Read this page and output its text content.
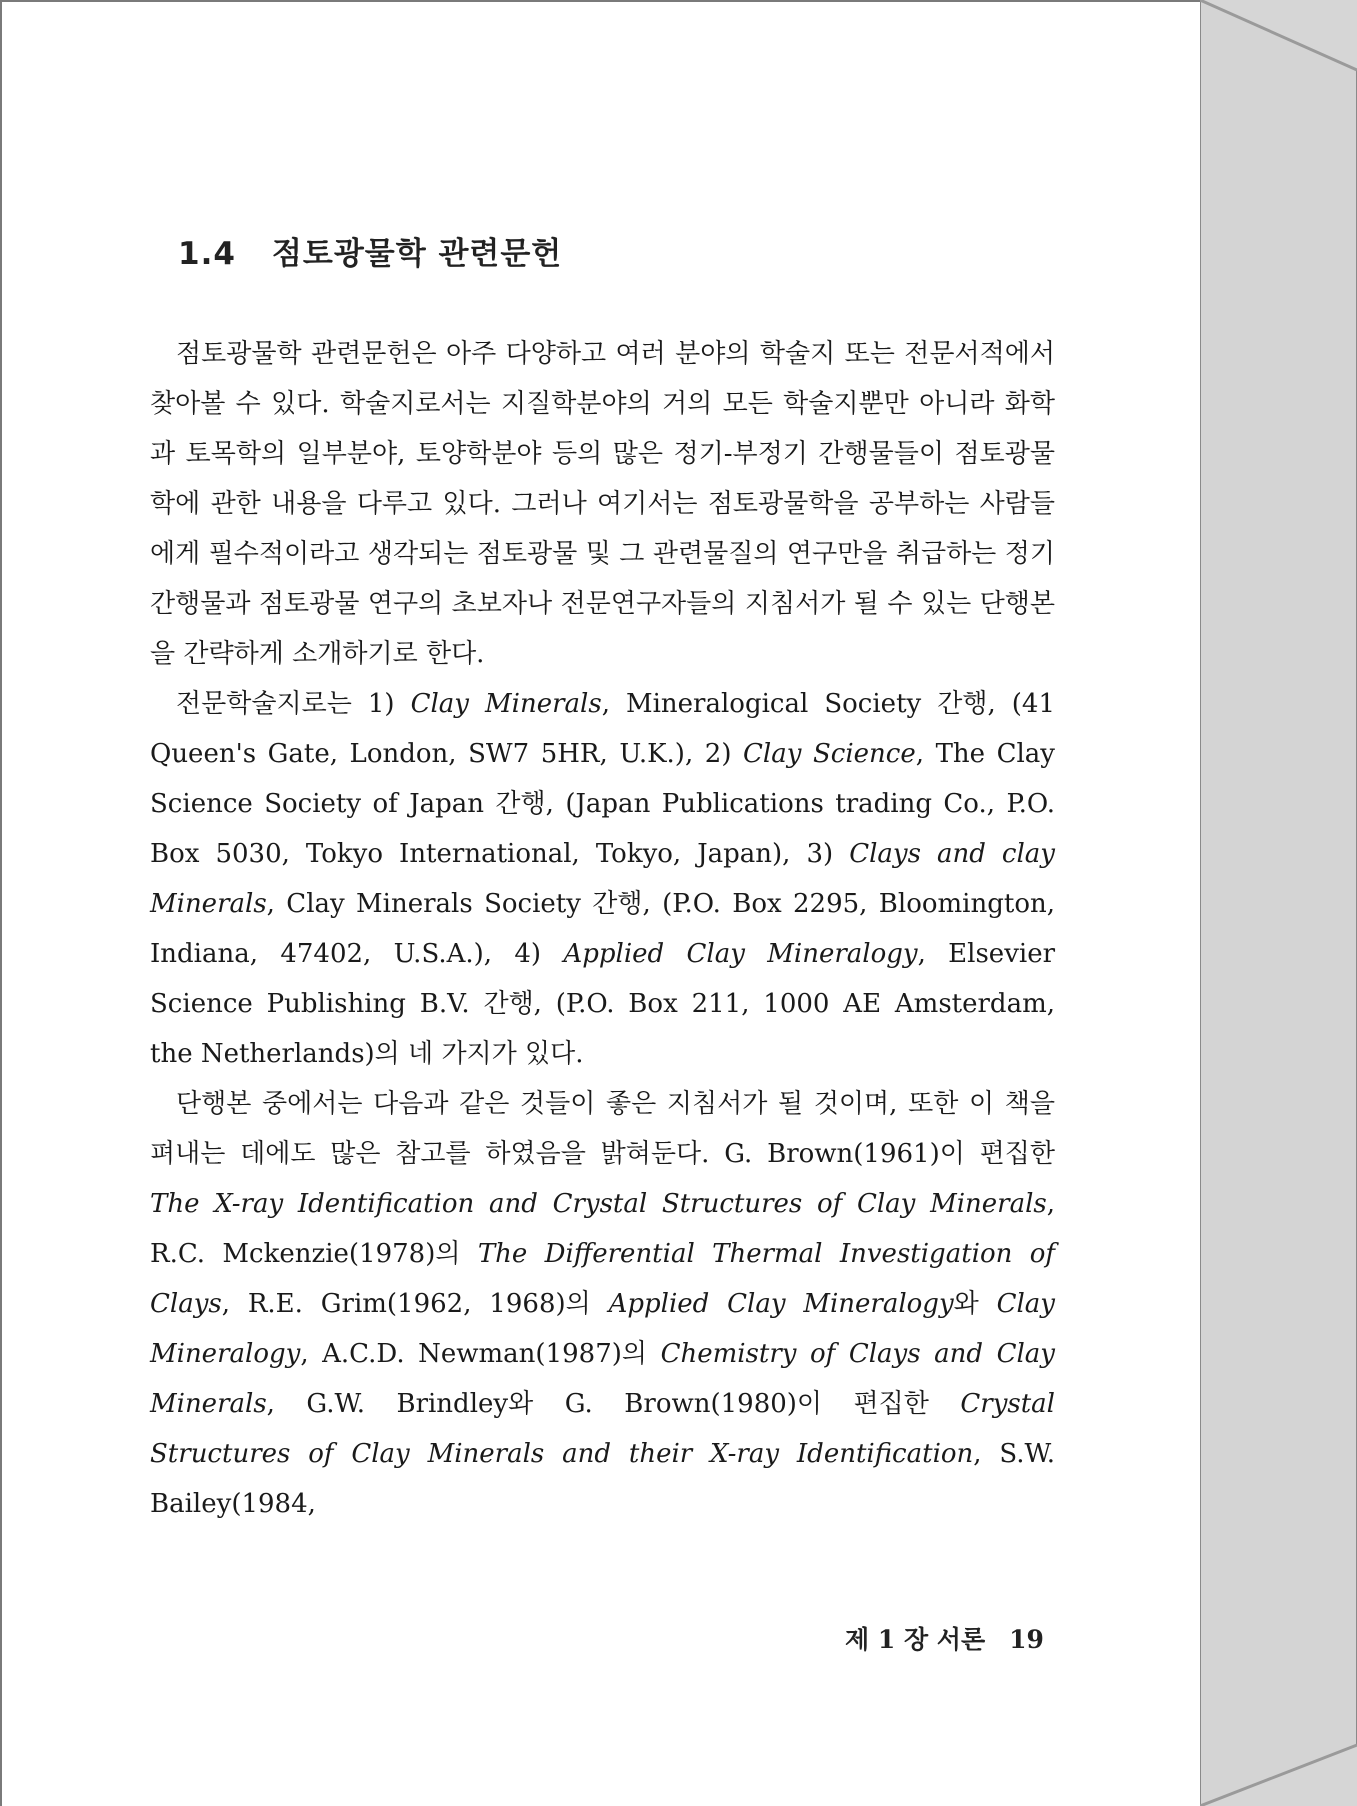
1.4 점토광물학 관련문헌

점토광물학 관련문헌은 아주 다양하고 여러 분야의 학술지 또는 전문서적에서 찾아볼 수 있다. 학술지로서는 지질학분야의 거의 모든 학술지뿐만 아니라 화학과 토목학의 일부분야, 토양학분야 등의 많은 정기-부정기 간행물들이 점토광물학에 관한 내용을 다루고 있다. 그러나 여기서는 점토광물학을 공부하는 사람들에게 필수적이라고 생각되는 점토광물 및 그 관련물질의 연구만을 취급하는 정기간행물과 점토광물 연구의 초보자나 전문연구자들의 지침서가 될 수 있는 단행본을 간략하게 소개하기로 한다.

전문학술지로는 1) Clay Minerals, Mineralogical Society 간행, (41 Queen's Gate, London, SW7 5HR, U.K.), 2) Clay Science, The Clay Science Society of Japan 간행, (Japan Publications trading Co., P.O. Box 5030, Tokyo International, Tokyo, Japan), 3) Clays and clay Minerals, Clay Minerals Society 간행, (P.O. Box 2295, Bloomington, Indiana, 47402, U.S.A.), 4) Applied Clay Mineralogy, Elsevier Science Publishing B.V. 간행, (P.O. Box 211, 1000 AE Amsterdam, the Netherlands)의 네 가지가 있다.

단행본 중에서는 다음과 같은 것들이 좋은 지침서가 될 것이며, 또한 이 책을 펴내는 데에도 많은 참고를 하였음을 밝혀둔다. G. Brown(1961)이 편집한 The X-ray Identification and Crystal Structures of Clay Minerals, R.C. Mckenzie(1978)의 The Differential Thermal Investigation of Clays, R.E. Grim(1962, 1968)의 Applied Clay Mineralogy와 Clay Mineralogy, A.C.D. Newman(1987)의 Chemistry of Clays and Clay Minerals, G.W. Brindley와 G. Brown(1980)이 편집한 Crystal Structures of Clay Minerals and their X-ray Identification, S.W. Bailey(1984,

제 1 장 서론 19
